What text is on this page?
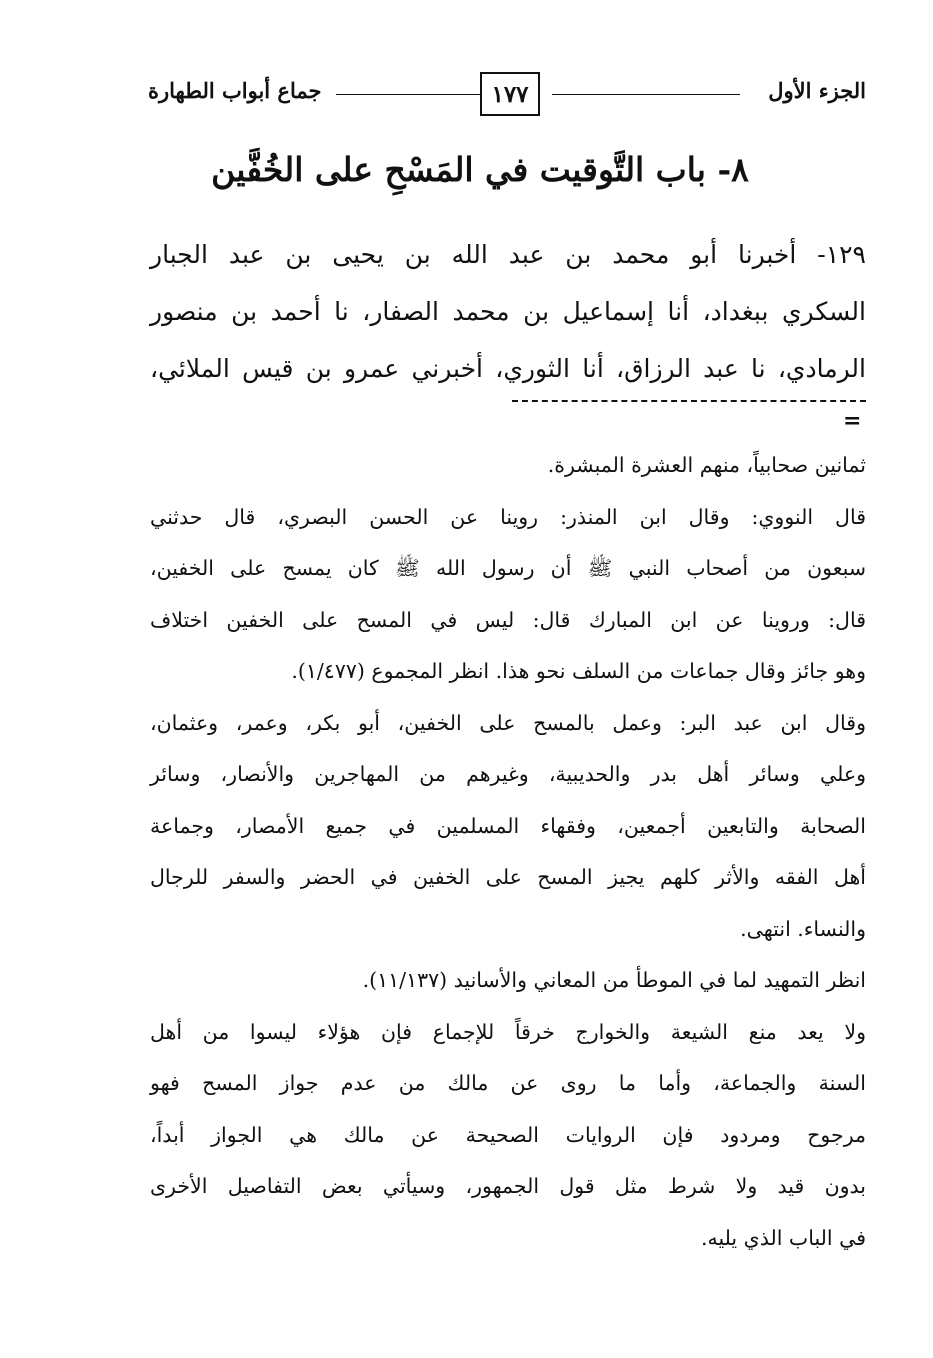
الجزء الأول
١٧٧
جماع أبواب الطهارة
٨- باب التَّوقيت في المَسْحِ على الخُفَّين
١٢٩- أخبرنا أبو محمد بن عبد الله بن يحيى بن عبد الجبار
السكري ببغداد، أنا إسماعيل بن محمد الصفار، نا أحمد بن منصور
الرمادي، نا عبد الرزاق، أنا الثوري، أخبرني عمرو بن قيس الملائي،
=
ثمانين صحابياً، منهم العشرة المبشرة.
قال النووي: وقال ابن المنذر: روينا عن الحسن البصري، قال حدثني
سبعون من أصحاب النبي ﷺ أن رسول الله ﷺ كان يمسح على الخفين،
قال: وروينا عن ابن المبارك قال: ليس في المسح على الخفين اختلاف
وهو جائز وقال جماعات من السلف نحو هذا. انظر المجموع (١/٤٧٧).
وقال ابن عبد البر: وعمل بالمسح على الخفين، أبو بكر، وعمر، وعثمان،
وعلي وسائر أهل بدر والحديبية، وغيرهم من المهاجرين والأنصار، وسائر
الصحابة والتابعين أجمعين، وفقهاء المسلمين في جميع الأمصار، وجماعة
أهل الفقه والأثر كلهم يجيز المسح على الخفين في الحضر والسفر للرجال
والنساء. انتهى.
انظر التمهيد لما في الموطأ من المعاني والأسانيد (١١/١٣٧).
ولا يعد منع الشيعة والخوارج خرقاً للإجماع فإن هؤلاء ليسوا من أهل
السنة والجماعة، وأما ما روى عن مالك من عدم جواز المسح فهو
مرجوح ومردود فإن الروايات الصحيحة عن مالك هي الجواز أبداً،
بدون قيد ولا شرط مثل قول الجمهور، وسيأتي بعض التفاصيل الأخرى
في الباب الذي يليه.
